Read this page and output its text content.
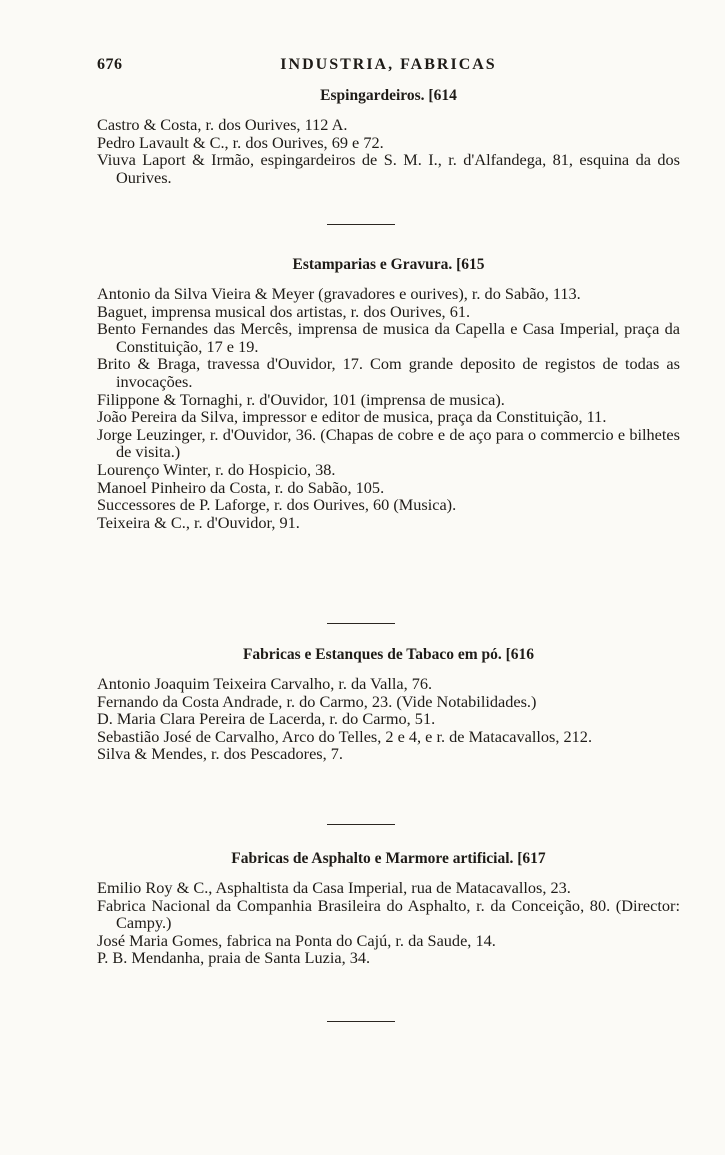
676	INDUSTRIA, FABRICAS
Espingardeiros. [614
Castro & Costa, r. dos Ourives, 112 A.
Pedro Lavault & C., r. dos Ourives, 69 e 72.
Viuva Laport & Irmão, espingardeiros de S. M. I., r. d'Alfandega, 81, esquina da dos Ourives.
Estamparias e Gravura. [615
Antonio da Silva Vieira & Meyer (gravadores e ourives), r. do Sabão, 113.
Baguet, imprensa musical dos artistas, r. dos Ourives, 61.
Bento Fernandes das Mercês, imprensa de musica da Capella e Casa Imperial, praça da Constituição, 17 e 19.
Brito & Braga, travessa d'Ouvidor, 17. Com grande deposito de registos de todas as invocações.
Filippone & Tornaghi, r. d'Ouvidor, 101 (imprensa de musica).
João Pereira da Silva, impressor e editor de musica, praça da Constituição, 11.
Jorge Leuzinger, r. d'Ouvidor, 36. (Chapas de cobre e de aço para o commercio e bilhetes de visita.)
Lourenço Winter, r. do Hospicio, 38.
Manoel Pinheiro da Costa, r. do Sabão, 105.
Successores de P. Laforge, r. dos Ourives, 60 (Musica).
Teixeira & C., r. d'Ouvidor, 91.
Fabricas e Estanques de Tabaco em pó. [616
Antonio Joaquim Teixeira Carvalho, r. da Valla, 76.
Fernando da Costa Andrade, r. do Carmo, 23. (Vide Notabilidades.)
D. Maria Clara Pereira de Lacerda, r. do Carmo, 51.
Sebastião José de Carvalho, Arco do Telles, 2 e 4, e r. de Matacavallos, 212.
Silva & Mendes, r. dos Pescadores, 7.
Fabricas de Asphalto e Marmore artificial. [617
Emilio Roy & C., Asphaltista da Casa Imperial, rua de Matacavallos, 23.
Fabrica Nacional da Companhia Brasileira do Asphalto, r. da Conceição, 80. (Director: Campy.)
José Maria Gomes, fabrica na Ponta do Cajú, r. da Saude, 14.
P. B. Mendanha, praia de Santa Luzia, 34.
